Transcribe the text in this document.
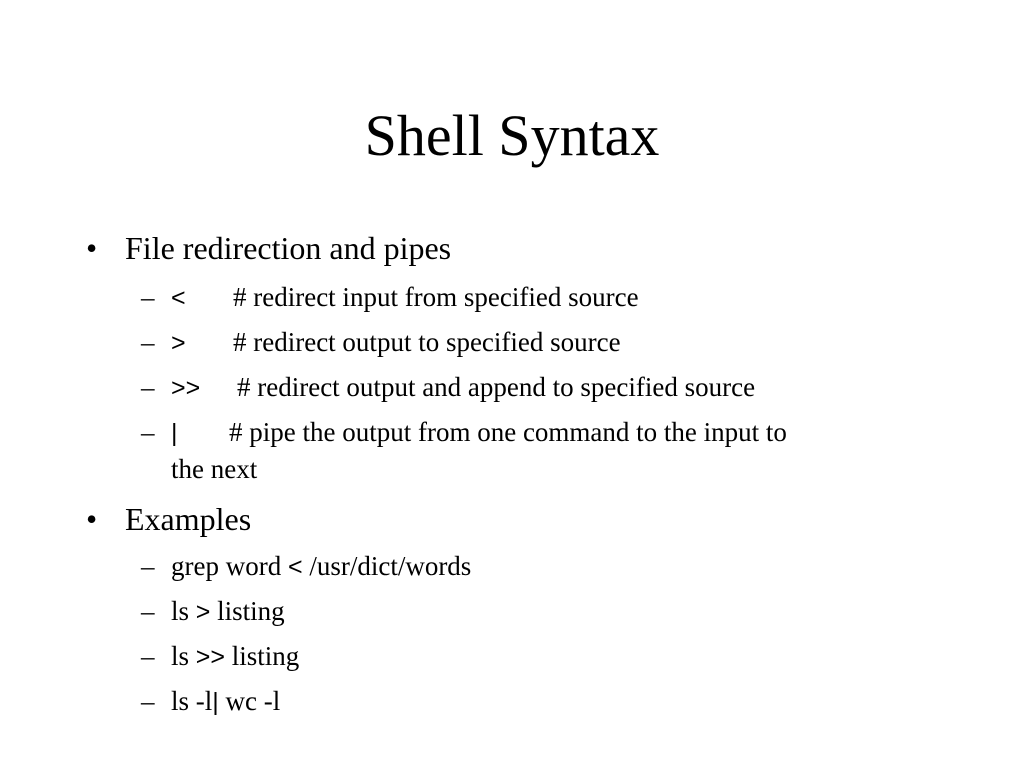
Shell Syntax
• File redirection and pipes
– < # redirect input from specified source
– > # redirect output to specified source
– >> # redirect output and append to specified source
– | # pipe the output from one command to the input to
the next
• Examples
– grep word < /usr/dict/words
– ls > listing
– ls >> listing
– ls -l| wc -l
